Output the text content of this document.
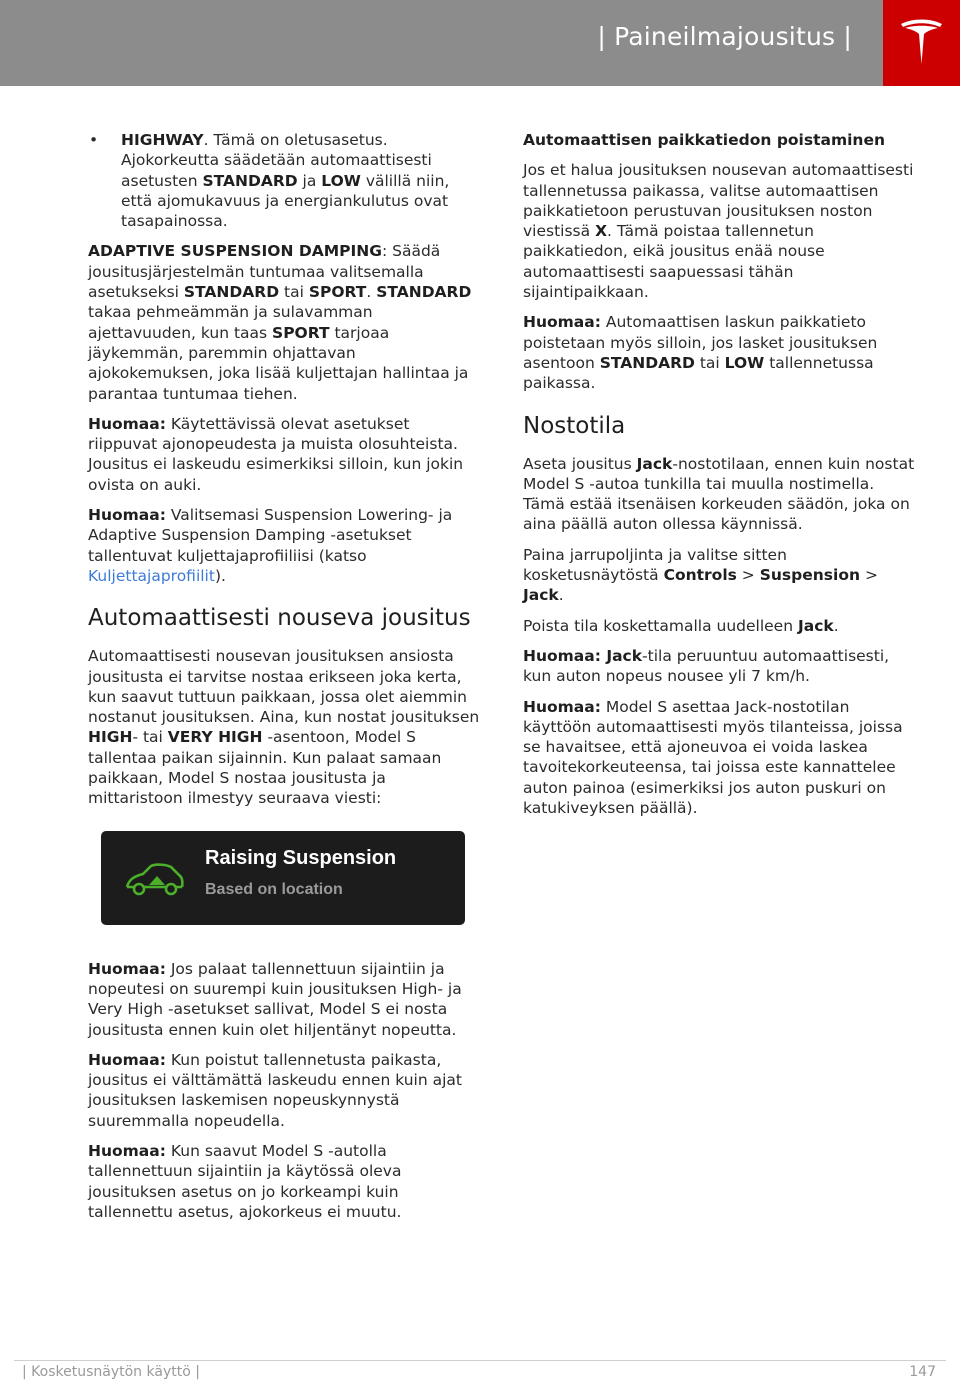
| Paineilmajousitus |
• HIGHWAY. Tämä on oletusasetus. Ajokorkeutta säädetään automaattisesti asetusten STANDARD ja LOW välillä niin, että ajomukavuus ja energiankulutus ovat tasapainossa.

ADAPTIVE SUSPENSION DAMPING: Säädä jousitusjärjestelmän tuntumaa valitsemalla asetukseksi STANDARD tai SPORT. STANDARD takaa pehmeämmän ja sulavamman ajettavuuden, kun taas SPORT tarjoaa jäykemmän, paremmin ohjattavan ajokokemuksen, joka lisää kuljettajan hallintaa ja parantaa tuntumaa tiehen.

Huomaa: Käytettävissä olevat asetukset riippuvat ajonopeudesta ja muista olosuhteista. Jousitus ei laskeudu esimerkiksi silloin, kun jokin ovista on auki.

Huomaa: Valitsemasi Suspension Lowering- ja Adaptive Suspension Damping -asetukset tallentuvat kuljettajaprofiiliisi (katso Kuljettajaprofiilit).

Automaattisesti nouseva jousitus

Automaattisesti nousevan jousituksen ansiosta jousitusta ei tarvitse nostaa erikseen joka kerta, kun saavut tuttuun paikkaan, jossa olet aiemmin nostanut jousituksen. Aina, kun nostat jousituksen HIGH- tai VERY HIGH -asentoon, Model S tallentaa paikan sijainnin. Kun palaat samaan paikkaan, Model S nostaa jousitusta ja mittaristoon ilmestyy seuraava viesti:

Raising Suspension
Based on location

Huomaa: Jos palaat tallennettuun sijaintiin ja nopeutesi on suurempi kuin jousituksen High- ja Very High -asetukset sallivat, Model S ei nosta jousitusta ennen kuin olet hiljentänyt nopeutta.

Huomaa: Kun poistut tallennetusta paikasta, jousitus ei välttämättä laskeudu ennen kuin ajat jousituksen laskemisen nopeuskynnystä suuremmalla nopeudella.

Huomaa: Kun saavut Model S -autolla tallennettuun sijaintiin ja käytössä oleva jousituksen asetus on jo korkeampi kuin tallennettu asetus, ajokorkeus ei muutu.

Automaattisen paikkatiedon poistaminen

Jos et halua jousituksen nousevan automaattisesti tallennetussa paikassa, valitse automaattisen paikkatietoon perustuvan jousituksen noston viestissä X. Tämä poistaa tallennetun paikkatiedon, eikä jousitus enää nouse automaattisesti saapuessasi tähän sijaintipaikkaan.

Huomaa: Automaattisen laskun paikkatieto poistetaan myös silloin, jos lasket jousituksen asentoon STANDARD tai LOW tallennetussa paikassa.

Nostotila

Aseta jousitus Jack-nostotilaan, ennen kuin nostat Model S -autoa tunkilla tai muulla nostimella. Tämä estää itsenäisen korkeuden säädön, joka on aina päällä auton ollessa käynnissä.

Paina jarrupoljinta ja valitse sitten kosketusnäytöstä Controls > Suspension > Jack.

Poista tila koskettamalla uudelleen Jack.

Huomaa: Jack-tila peruuntuu automaattisesti, kun auton nopeus nousee yli 7 km/h.

Huomaa: Model S asettaa Jack-nostotilan käyttöön automaattisesti myös tilanteissa, joissa se havaitsee, että ajoneuvoa ei voida laskea tavoitekorkeuteensa, tai joissa este kannattelee auton painoa (esimerkiksi jos auton puskuri on katukiveyksen päällä).

| Kosketusnäytön käyttö |	147
